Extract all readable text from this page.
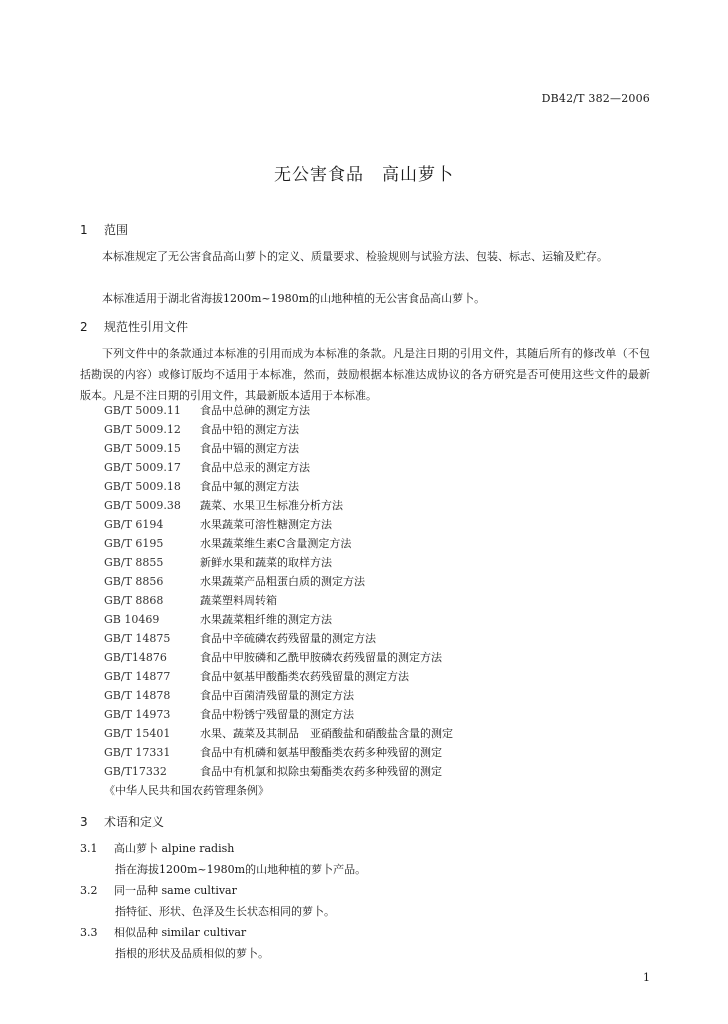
DB42/T 382—2006
无公害食品　高山萝卜
1 范围
本标准规定了无公害食品高山萝卜的定义、质量要求、检验规则与试验方法、包装、标志、运输及贮存。
本标准适用于湖北省海拔1200m~1980m的山地种植的无公害食品高山萝卜。
2 规范性引用文件
下列文件中的条款通过本标准的引用而成为本标准的条款。凡是注日期的引用文件，其随后所有的修改单（不包括勘误的内容）或修订版均不适用于本标准，然而，鼓励根据本标准达成协议的各方研究是否可使用这些文件的最新版本。凡是不注日期的引用文件，其最新版本适用于本标准。
GB/T 5009.11 食品中总砷的测定方法
GB/T 5009.12 食品中铅的测定方法
GB/T 5009.15 食品中镉的测定方法
GB/T 5009.17 食品中总汞的测定方法
GB/T 5009.18 食品中氟的测定方法
GB/T 5009.38 蔬菜、水果卫生标准分析方法
GB/T 6194	水果蔬菜可溶性糖测定方法
GB/T 6195	水果蔬菜维生素C含量测定方法
GB/T 8855	新鲜水果和蔬菜的取样方法
GB/T 8856	水果蔬菜产品粗蛋白质的测定方法
GB/T 8868	蔬菜塑料周转箱
GB 10469	水果蔬菜粗纤维的测定方法
GB/T 14875	食品中辛硫磷农药残留量的测定方法
GB/T14876	食品中甲胺磷和乙酰甲胺磷农药残留量的测定方法
GB/T 14877	食品中氨基甲酸酯类农药残留量的测定方法
GB/T 14878	食品中百菌清残留量的测定方法
GB/T 14973	食品中粉锈宁残留量的测定方法
GB/T 15401	水果、蔬菜及其制品　亚硝酸盐和硝酸盐含量的测定
GB/T 17331	食品中有机磷和氨基甲酸酯类农药多种残留的测定
GB/T17332	食品中有机氯和拟除虫菊酯类农药多种残留的测定
《中华人民共和国农药管理条例》
3 术语和定义
3.1 高山萝卜 alpine radish
指在海拔1200m~1980m的山地种植的萝卜产品。
3.2 同一品种 same cultivar
指特征、形状、色泽及生长状态相同的萝卜。
3.3 相似品种 similar cultivar
指根的形状及品质相似的萝卜。
1
